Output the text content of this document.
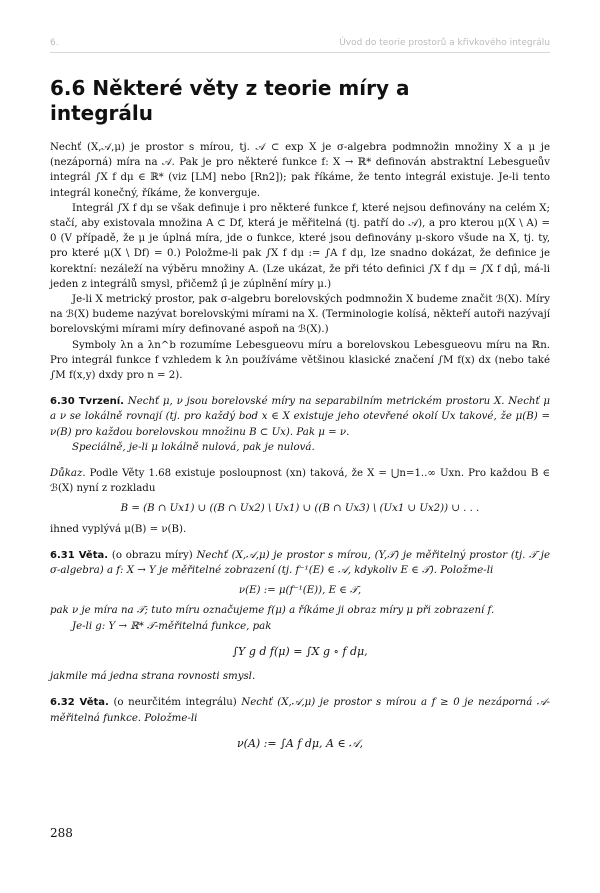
6.	Úvod do teorie prostorů a křivkového integrálu
6.6 Některé věty z teorie míry a
integrálu

Nechť (X,𝒜,μ) je prostor s mírou, tj. 𝒜 ⊂ exp X je σ-algebra podmnožin množiny X a μ je (nezáporná) míra na 𝒜. Pak je pro některé funkce f: X → ℝ* definován abstraktní Lebesgueův integrál ∫X f dμ ∈ ℝ* (viz [LM] nebo [Rn2]); pak říkáme, že tento integrál existuje. Je-li tento integrál konečný, říkáme, že konverguje.

Integrál ∫X f dμ se však definuje i pro některé funkce f, které nejsou definovány na celém X; stačí, aby existovala množina A ⊂ Df, která je měřitelná (tj. patří do 𝒜), a pro kterou μ(X \ A) = 0 (V případě, že μ je úplná míra, jde o funkce, které jsou definovány μ-skoro všude na X, tj. ty, pro které μ(X \ Df) = 0.) Položme-li pak ∫X f dμ := ∫A f dμ, lze snadno dokázat, že definice je korektní: nezáleží na výběru množiny A. (Lze ukázat, že při této definici ∫X f dμ = ∫X f dμ̂, má-li jeden z integrálů smysl, přičemž μ̂ je zúplnění míry μ.)

Je-li X metrický prostor, pak σ-algebru borelovských podmnožin X budeme značit ℬ(X). Míry na ℬ(X) budeme nazývat borelovskými mírami na X. (Terminologie kolísá, někteří autoři nazývají borelovskými mírami míry definované aspoň na ℬ(X).)

Symboly λn a λn^b rozumíme Lebesgueovu míru a borelovskou Lebesgueovu míru na ℝn. Pro integrál funkce f vzhledem k λn používáme většinou klasické značení ∫M f(x) dx (nebo také ∫M f(x,y) dxdy pro n = 2).

6.30 Tvrzení. Nechť μ, ν jsou borelovské míry na separabilním metrickém prostoru X. Nechť μ a ν se lokálně rovnají (tj. pro každý bod x ∈ X existuje jeho otevřené okolí Ux takové, že μ(B) = ν(B) pro každou borelovskou množinu B ⊂ Ux). Pak μ = ν.

Speciálně, je-li μ lokálně nulová, pak je nulová.

Důkaz. Podle Věty 1.68 existuje posloupnost (xn) taková, že X = ⋃n=1..∞ Uxn. Pro každou B ∈ ℬ(X) nyní z rozkladu

B = (B ∩ Ux1) ∪ ((B ∩ Ux2) \ Ux1) ∪ ((B ∩ Ux3) \ (Ux1 ∪ Ux2)) ∪ . . .

ihned vyplývá μ(B) = ν(B).

6.31 Věta. (o obrazu míry) Nechť (X,𝒜,μ) je prostor s mírou, (Y,𝒯) je měřitelný prostor (tj. 𝒯 je σ-algebra) a f: X → Y je měřitelné zobrazení (tj. f⁻¹(E) ∈ 𝒜, kdykoliv E ∈ 𝒯). Položme-li

ν(E) := μ(f⁻¹(E)), E ∈ 𝒯,

pak ν je míra na 𝒯; tuto míru označujeme f(μ) a říkáme ji obraz míry μ při zobrazení f.

Je-li g: Y → ℝ* 𝒯-měřitelná funkce, pak

∫Y g d f(μ) = ∫X g ∘ f dμ,

jakmile má jedna strana rovnosti smysl.

6.32 Věta. (o neurčitém integrálu) Nechť (X,𝒜,μ) je prostor s mírou a f ≥ 0 je nezáporná 𝒜-měřitelná funkce. Položme-li

ν(A) := ∫A f dμ, A ∈ 𝒜,

288
